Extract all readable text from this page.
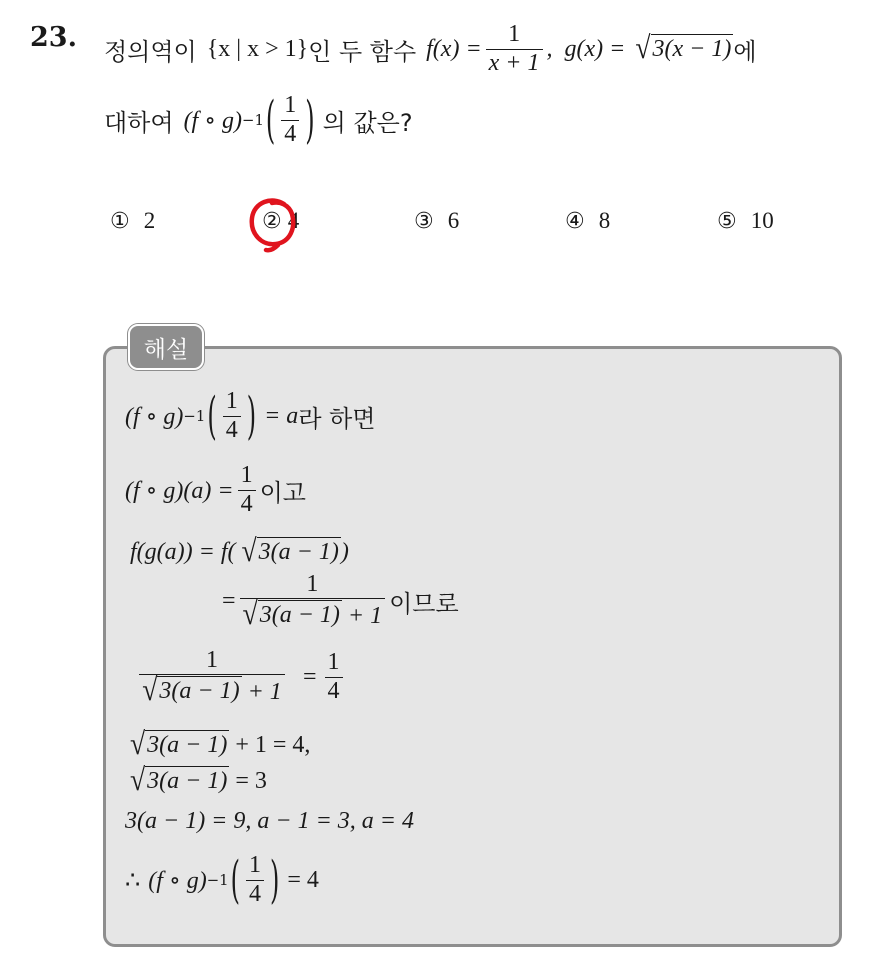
23. 정의역이 {x | x > 1} 인 두 함수 $f(x) = \frac{1}{x + 1}$ , g(x) = √ 3(x − 1) 에
대하여 (f ∘ g) −1 ( $\frac{1}{4}$ ) 의 값은?
① 2	② 4	③ 6	④ 8	⑤ 10
해설
(f ∘ g) −1 ( $\frac{1}{4}$ ) = a 라 하면
(f ∘ $g)(a) = \frac{1}{4}$ 이고
f(g(a)) = f( √ 3(a − 1) )
= $\frac{1}{√ 3(a - 1) + 1}$ 이므로
$\frac{1}{√ 3(a - 1) + 1} = \frac{1}{4}$
√ 3(a − 1) + 1 = 4,
√ 3(a − 1) = 3
3(a − 1) = 9, a − 1 = 3, a = 4
∴ (f ∘ g) −1 ( $\frac{1}{4}$ ) = 4
